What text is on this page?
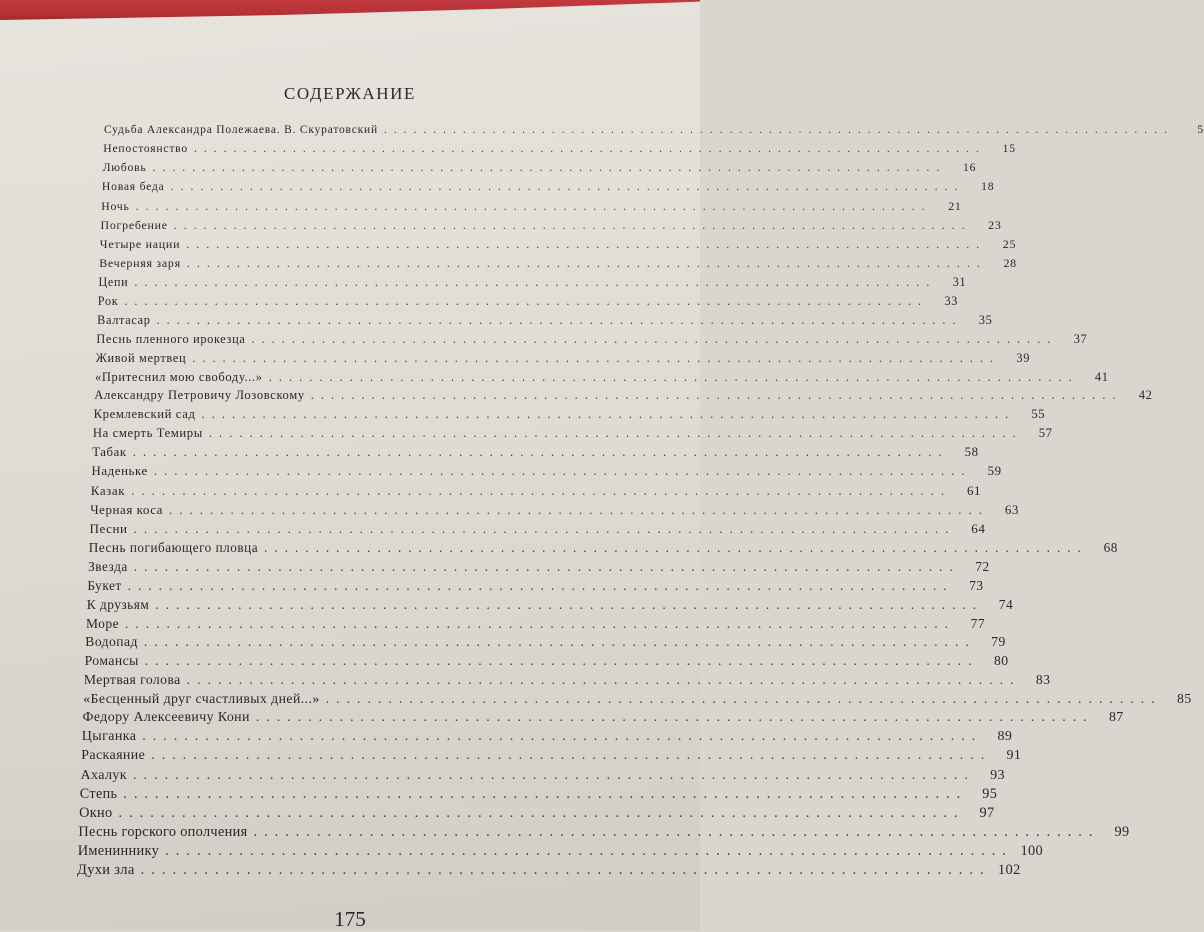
СОДЕРЖАНИЕ
Судьба Александра Полежаева. В. Скуратовский ................................................................................	5
Непостоянство ................................................................................	15
Любовь ................................................................................	16
Новая беда ................................................................................	18
Ночь ................................................................................	21
Погребение ................................................................................	23
Четыре нации ................................................................................	25
Вечерняя заря ................................................................................	28
Цепи ................................................................................	31
Рок ................................................................................	33
Валтасар ................................................................................	35
Песнь пленного ирокезца ................................................................................	37
Живой мертвец ................................................................................	39
«Притеснил мою свободу...» ................................................................................	41
Александру Петровичу Лозовскому ................................................................................	42
Кремлевский сад ................................................................................	55
На смерть Темиры ................................................................................	57
Табак ................................................................................	58
Наденьке ................................................................................	59
Казак ................................................................................	61
Черная коса ................................................................................	63
Песни ................................................................................	64
Песнь погибающего пловца ................................................................................	68
Звезда ................................................................................	72
Букет ................................................................................	73
К друзьям ................................................................................	74
Море ................................................................................	77
Водопад ................................................................................	79
Романсы ................................................................................	80
Мертвая голова ................................................................................	83
«Бесценный друг счастливых дней...» ................................................................................	85
Федору Алексеевичу Кони ................................................................................	87
Цыганка ................................................................................	89
Раскаяние ................................................................................	91
Ахалук ................................................................................	93
Степь ................................................................................	95
Окно ................................................................................	97
Песнь горского ополчения ................................................................................	99
Имениннику ................................................................................ 100
Духи зла ................................................................................ 102
175
